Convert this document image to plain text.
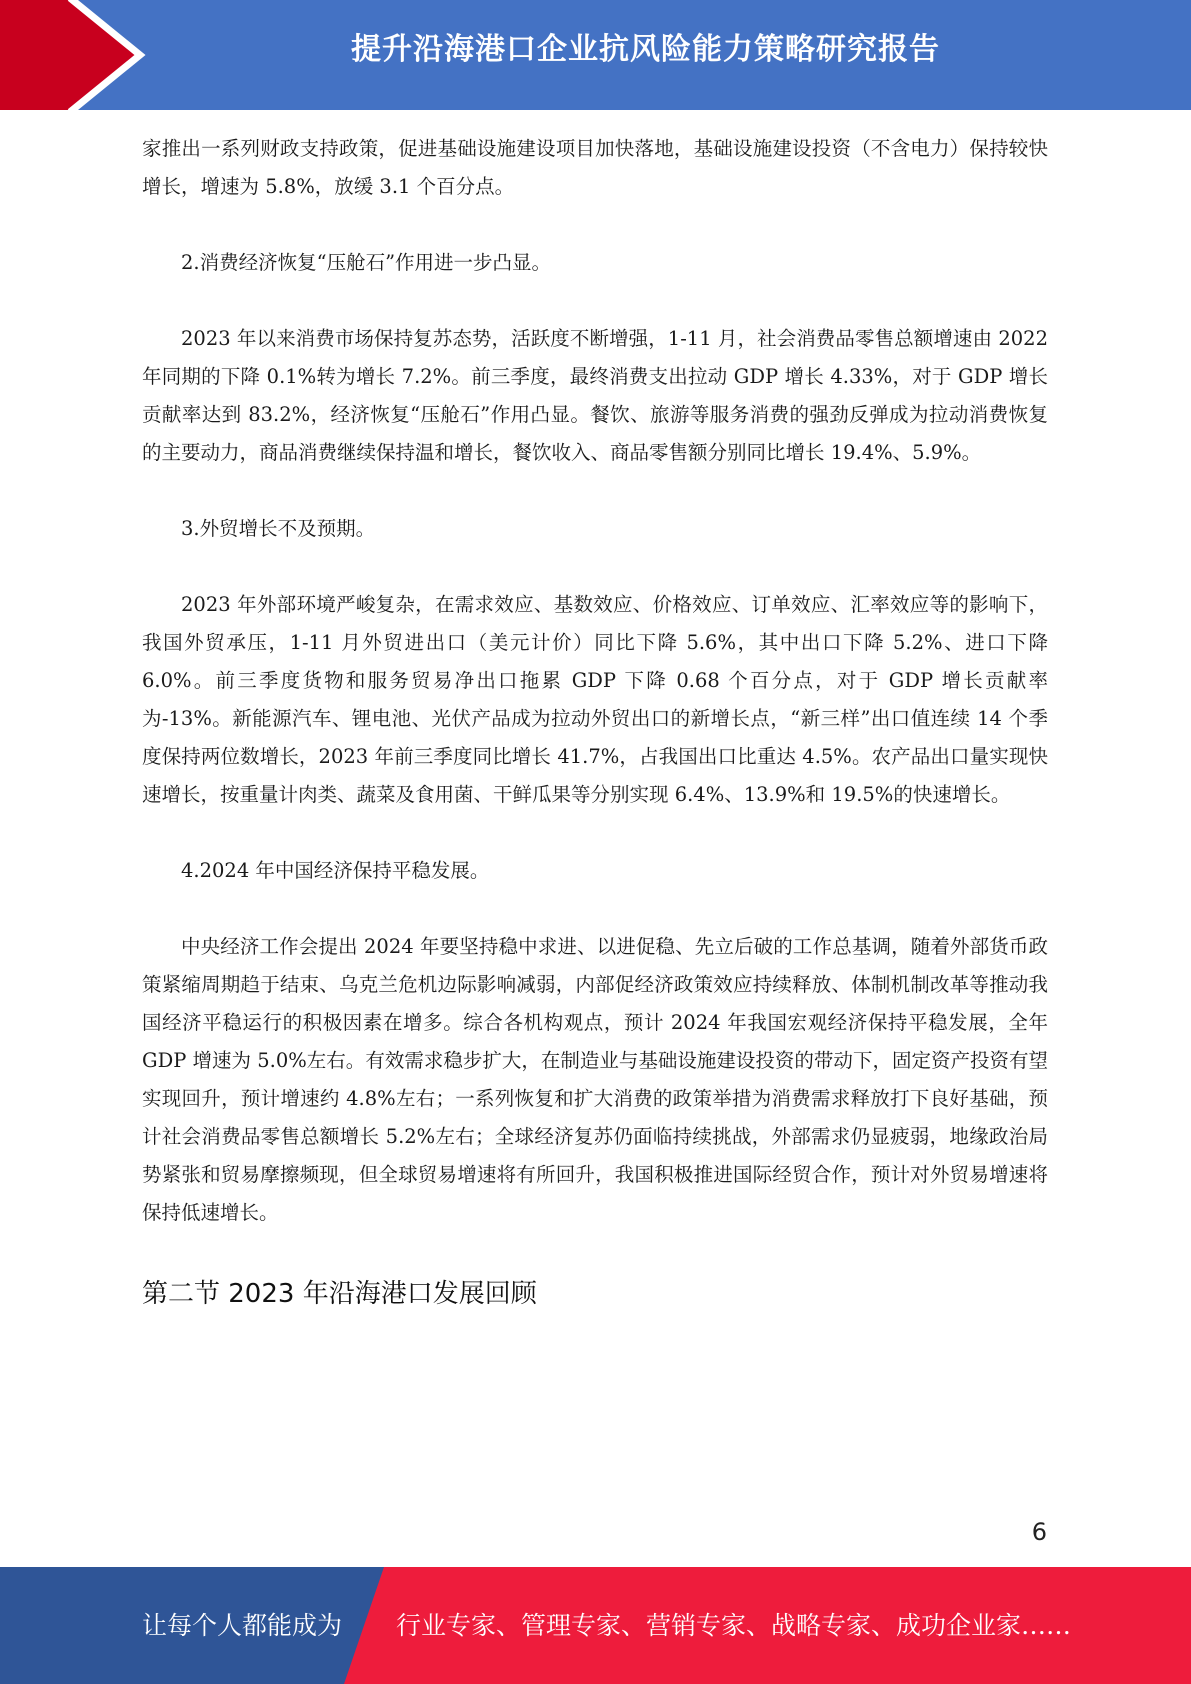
提升沿海港口企业抗风险能力策略研究报告

家推出一系列财政支持政策，促进基础设施建设项目加快落地，基础设施建设投资（不含电力）保持较快增长，增速为 5.8%，放缓 3.1 个百分点。

2.消费经济恢复“压舱石”作用进一步凸显。

2023 年以来消费市场保持复苏态势，活跃度不断增强，1-11 月，社会消费品零售总额增速由 2022 年同期的下降 0.1%转为增长 7.2%。前三季度，最终消费支出拉动 GDP 增长 4.33%，对于 GDP 增长贡献率达到 83.2%，经济恢复“压舱石”作用凸显。餐饮、旅游等服务消费的强劲反弹成为拉动消费恢复的主要动力，商品消费继续保持温和增长，餐饮收入、商品零售额分别同比增长 19.4%、5.9%。

3.外贸增长不及预期。

2023 年外部环境严峻复杂，在需求效应、基数效应、价格效应、订单效应、汇率效应等的影响下，我国外贸承压，1-11 月外贸进出口（美元计价）同比下降 5.6%，其中出口下降 5.2%、进口下降 6.0%。前三季度货物和服务贸易净出口拖累 GDP 下降 0.68 个百分点，对于 GDP 增长贡献率为-13%。新能源汽车、锂电池、光伏产品成为拉动外贸出口的新增长点，“新三样”出口值连续 14 个季度保持两位数增长，2023 年前三季度同比增长 41.7%，占我国出口比重达 4.5%。农产品出口量实现快速增长，按重量计肉类、蔬菜及食用菌、干鲜瓜果等分别实现 6.4%、13.9%和 19.5%的快速增长。

4.2024 年中国经济保持平稳发展。

中央经济工作会提出 2024 年要坚持稳中求进、以进促稳、先立后破的工作总基调，随着外部货币政策紧缩周期趋于结束、乌克兰危机边际影响减弱，内部促经济政策效应持续释放、体制机制改革等推动我国经济平稳运行的积极因素在增多。综合各机构观点，预计 2024 年我国宏观经济保持平稳发展，全年 GDP 增速为 5.0%左右。有效需求稳步扩大，在制造业与基础设施建设投资的带动下，固定资产投资有望实现回升，预计增速约 4.8%左右；一系列恢复和扩大消费的政策举措为消费需求释放打下良好基础，预计社会消费品零售总额增长 5.2%左右；全球经济复苏仍面临持续挑战，外部需求仍显疲弱，地缘政治局势紧张和贸易摩擦频现，但全球贸易增速将有所回升，我国积极推进国际经贸合作，预计对外贸易增速将保持低速增长。

第二节 2023 年沿海港口发展回顾
6
让每个人都能成为 行业专家、管理专家、营销专家、战略专家、成功企业家……
